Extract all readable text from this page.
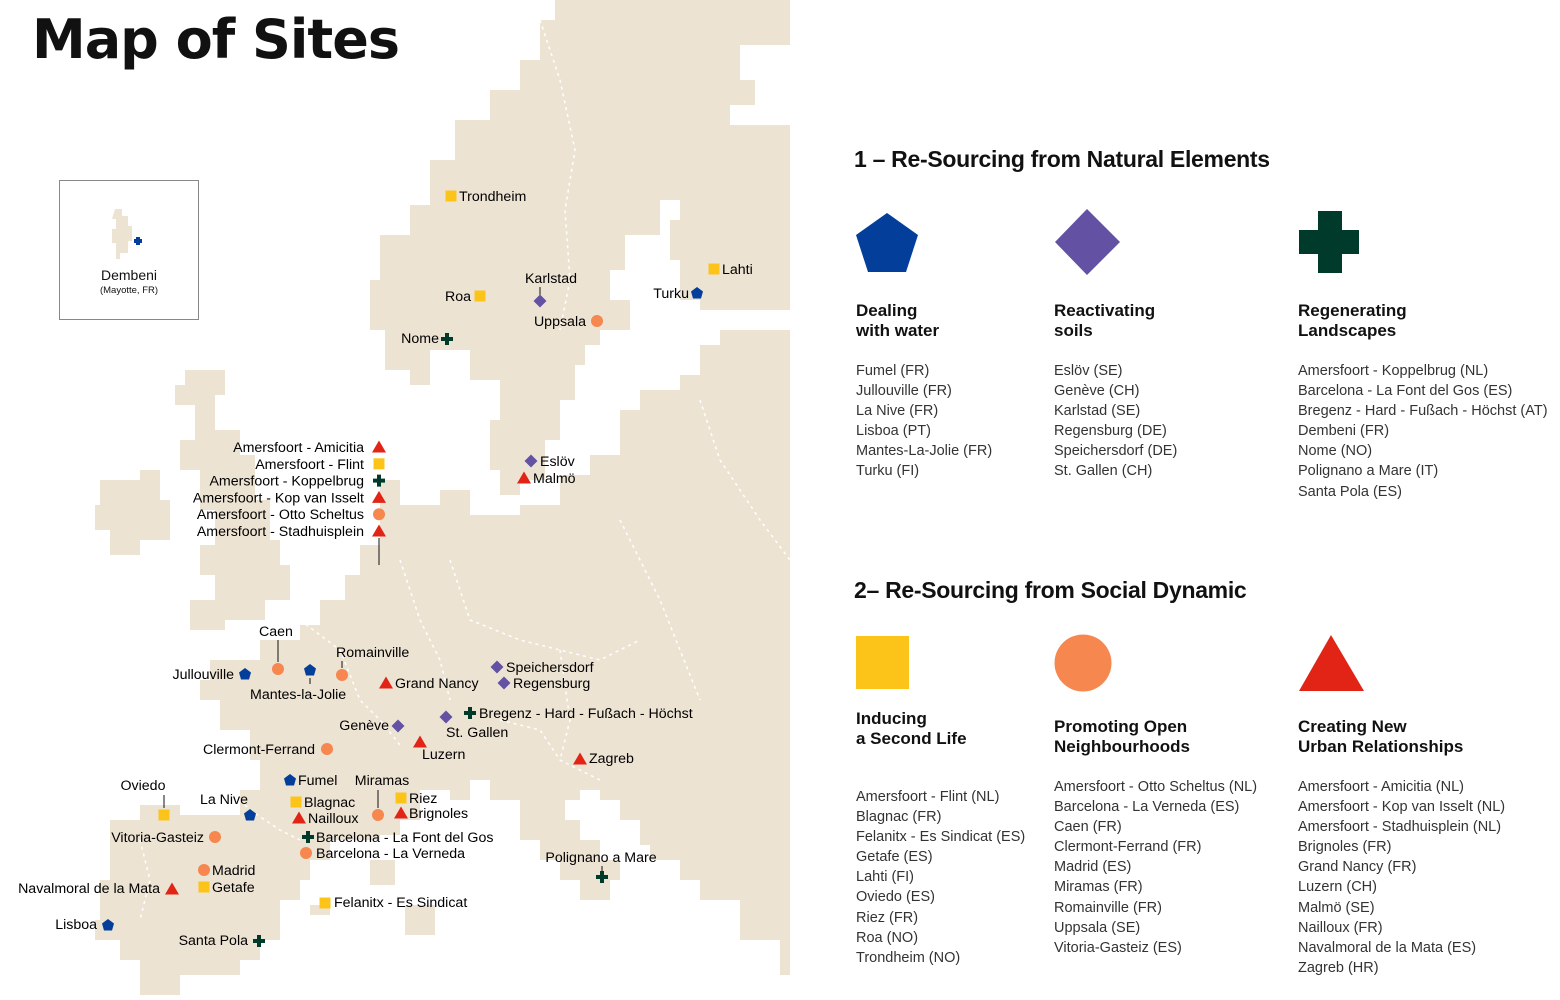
Trondheim
Lahti
Turku
Karlstad
Roa
Uppsala
Nome
Eslöv
Malmö
Caen
Romainville
Jullouville
Mantes-la-Jolie
Grand Nancy
Speichersdorf
Regensburg
Bregenz - Hard - Fußach - Höchst
Genève	St. Gallen
Luzern
Clermont-Ferrand
Zagreb
Fumel Miramas
Oviedo
La Nive	Blagnac
Nailloux
Riez
Brignoles
Barcelona - La Font del Gos
Barcelona - La Verneda
Vitoria-Gasteiz
Madrid
Getafe
Navalmoral de la Mata
Felanitx - Es Sindicat
Polignano a Mare
Lisboa
Santa Pola
Amersfoort - Amicitia
Amersfoort - Flint
Amersfoort - Koppelbrug
Amersfoort - Kop van Isselt
Amersfoort - Otto Scheltus
Amersfoort - Stadhuisplein
Map of Sites
Dembeni
(Mayotte, FR)
1 – Re-Sourcing from Natural Elements

Dealing
with water

Fumel (FR)
Jullouville (FR)
La Nive (FR)
Lisboa (PT)
Mantes-La-Jolie (FR)
Turku (FI)

Reactivating
soils

Eslöv (SE)
Genève (CH)
Karlstad (SE)
Regensburg (DE)
Speichersdorf (DE)
St. Gallen (CH)

Regenerating
Landscapes

Amersfoort - Koppelbrug (NL)
Barcelona - La Font del Gos (ES)
Bregenz - Hard - Fußach - Höchst (AT)
Dembeni (FR)
Nome (NO)
Polignano a Mare (IT)
Santa Pola (ES)
2– Re-Sourcing from Social Dynamic

Inducing
a Second Life

Amersfoort - Flint (NL)
Blagnac (FR)
Felanitx - Es Sindicat (ES)
Getafe (ES)
Lahti (FI)
Oviedo (ES)
Riez (FR)
Roa (NO)
Trondheim (NO)

Promoting Open
Neighbourhoods

Amersfoort - Otto Scheltus (NL)
Barcelona - La Verneda (ES)
Caen (FR)
Clermont-Ferrand (FR)
Madrid (ES)
Miramas (FR)
Romainville (FR)
Uppsala (SE)
Vitoria-Gasteiz (ES)

Creating New
Urban Relationships

Amersfoort - Amicitia (NL)
Amersfoort - Kop van Isselt (NL)
Amersfoort - Stadhuisplein (NL)
Brignoles (FR)
Grand Nancy (FR)
Luzern (CH)
Malmö (SE)
Nailloux (FR)
Navalmoral de la Mata (ES)
Zagreb (HR)
